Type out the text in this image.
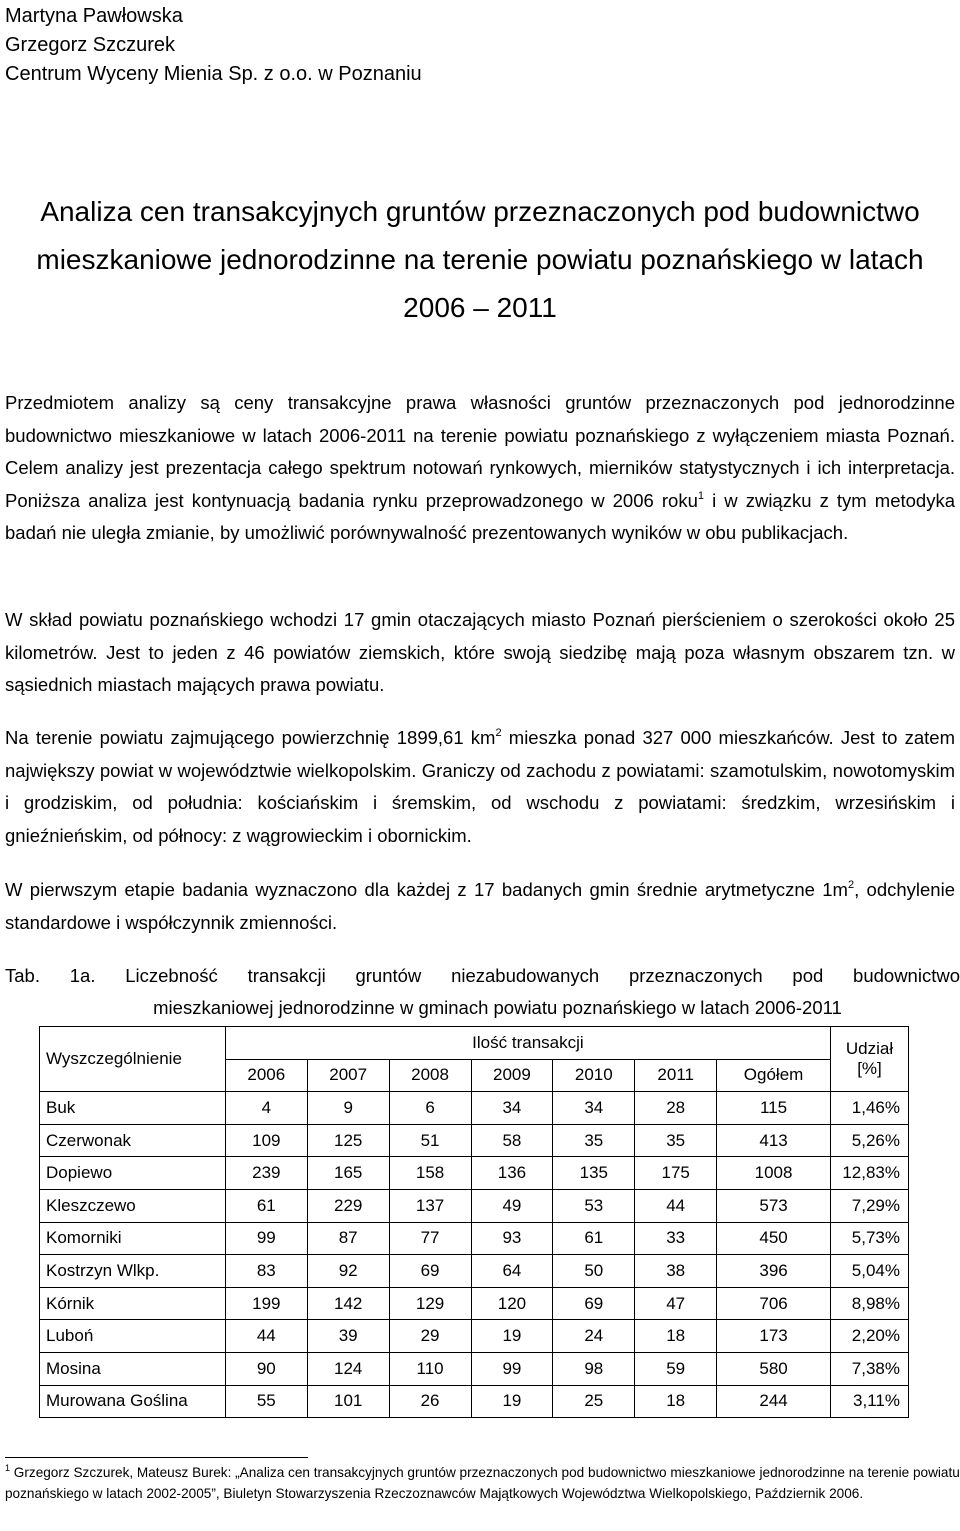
Martyna Pawłowska
Grzegorz Szczurek
Centrum Wyceny Mienia Sp. z o.o. w Poznaniu
Analiza cen transakcyjnych gruntów przeznaczonych pod budownictwo mieszkaniowe jednorodzinne na terenie powiatu poznańskiego w latach 2006 – 2011

Przedmiotem analizy są ceny transakcyjne prawa własności gruntów przeznaczonych pod jednorodzinne budownictwo mieszkaniowe w latach 2006-2011 na terenie powiatu poznańskiego z wyłączeniem miasta Poznań. Celem analizy jest prezentacja całego spektrum notowań rynkowych, mierników statystycznych i ich interpretacja. Poniższa analiza jest kontynuacją badania rynku przeprowadzonego w 2006 roku$^1$ i w związku z tym metodyka badań nie uległa zmianie, by umożliwić porównywalność prezentowanych wyników w obu publikacjach.

W skład powiatu poznańskiego wchodzi 17 gmin otaczających miasto Poznań pierścieniem o szerokości około 25 kilometrów. Jest to jeden z 46 powiatów ziemskich, które swoją siedzibę mają poza własnym obszarem tzn. w sąsiednich miastach mających prawa powiatu.

Na terenie powiatu zajmującego powierzchnię 1899,61 $km^2$ mieszka ponad 327 000 mieszkańców. Jest to zatem największy powiat w województwie wielkopolskim. Graniczy od zachodu z powiatami: szamotulskim, nowotomyskim i grodziskim, od południa: kościańskim i śremskim, od wschodu z powiatami: średzkim, wrzesińskim i gnieźnieńskim, od północy: z wągrowieckim i obornickim.

W pierwszym etapie badania wyznaczono dla każdej z 17 badanych gmin średnie arytmetyczne $1m^2$, odchylenie standardowe i współczynnik zmienności.

Tab. 1a. Liczebność transakcji gruntów niezabudowanych przeznaczonych pod budownictwo
mieszkaniowej jednorodzinne w gminach powiatu poznańskiego w latach 2006-2011
Wyszczególnienie	Ilość transakcji							Udział
[%]

	2006	2007	2008	2009	2010	2011	Ogółem	
Buk	4	9	6	34	34	28	115	1,46%
Czerwonak	109	125	51	58	35	35	413	5,26%
Dopiewo	239	165	158	136	135	175	1008	12,83%
Kleszczewo	61	229	137	49	53	44	573	7,29%
Komorniki	99	87	77	93	61	33	450	5,73%
Kostrzyn Wlkp.	83	92	69	64	50	38	396	5,04%
Kórnik	199	142	129	120	69	47	706	8,98%
Luboń	44	39	29	19	24	18	173	2,20%
Mosina	90	124	110	99	98	59	580	7,38%
Murowana Goślina	55	101	26	19	25	18	244	3,11%

$^1$ Grzegorz Szczurek, Mateusz Burek: „Analiza cen transakcyjnych gruntów przeznaczonych pod budownictwo mieszkaniowe jednorodzinne na terenie powiatu poznańskiego w latach 2002-2005”, Biuletyn Stowarzyszenia Rzeczoznawców Majątkowych Województwa Wielkopolskiego, Październik 2006.
